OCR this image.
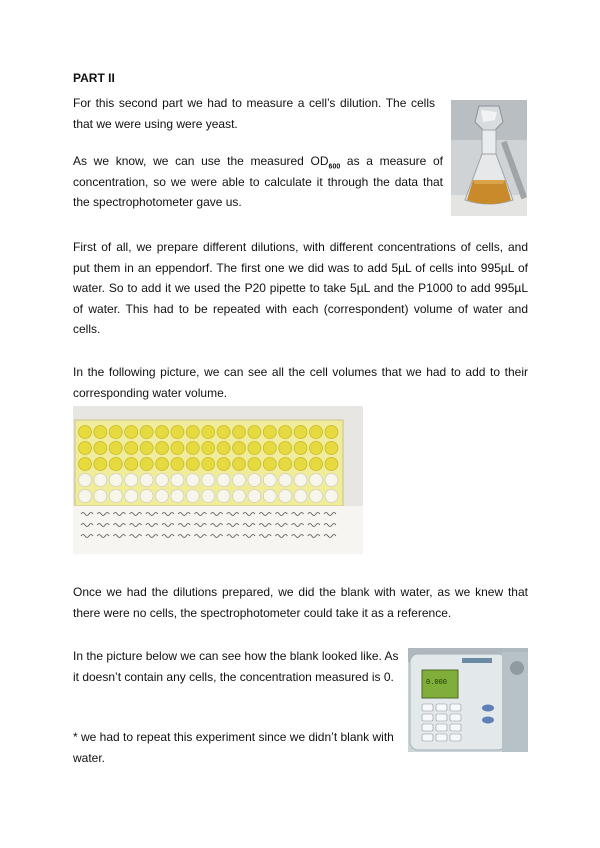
PART II

For this second part we had to measure a cell’s dilution. The cells that we were using were yeast.

As we know, we can use the measured $OD_{600}$ as a measure of concentration, so we were able to calculate it through the data that the spectrophotometer gave us.

First of all, we prepare different dilutions, with different concentrations of cells, and put them in an eppendorf. The first one we did was to add 5µL of cells into 995µL of water. So to add it we used the P20 pipette to take 5µL and the P1000 to add 995µL of water. This had to be repeated with each (correspondent) volume of water and cells.

In the following picture, we can see all the cell volumes that we had to add to their corresponding water volume.

Once we had the dilutions prepared, we did the blank with water, as we knew that there were no cells, the spectrophotometer could take it as a reference.

In the picture below we can see how the blank looked like. As it doesn’t contain any cells, the concentration measured is 0.

* we had to repeat this experiment since we didn’t blank with water.

0.000
